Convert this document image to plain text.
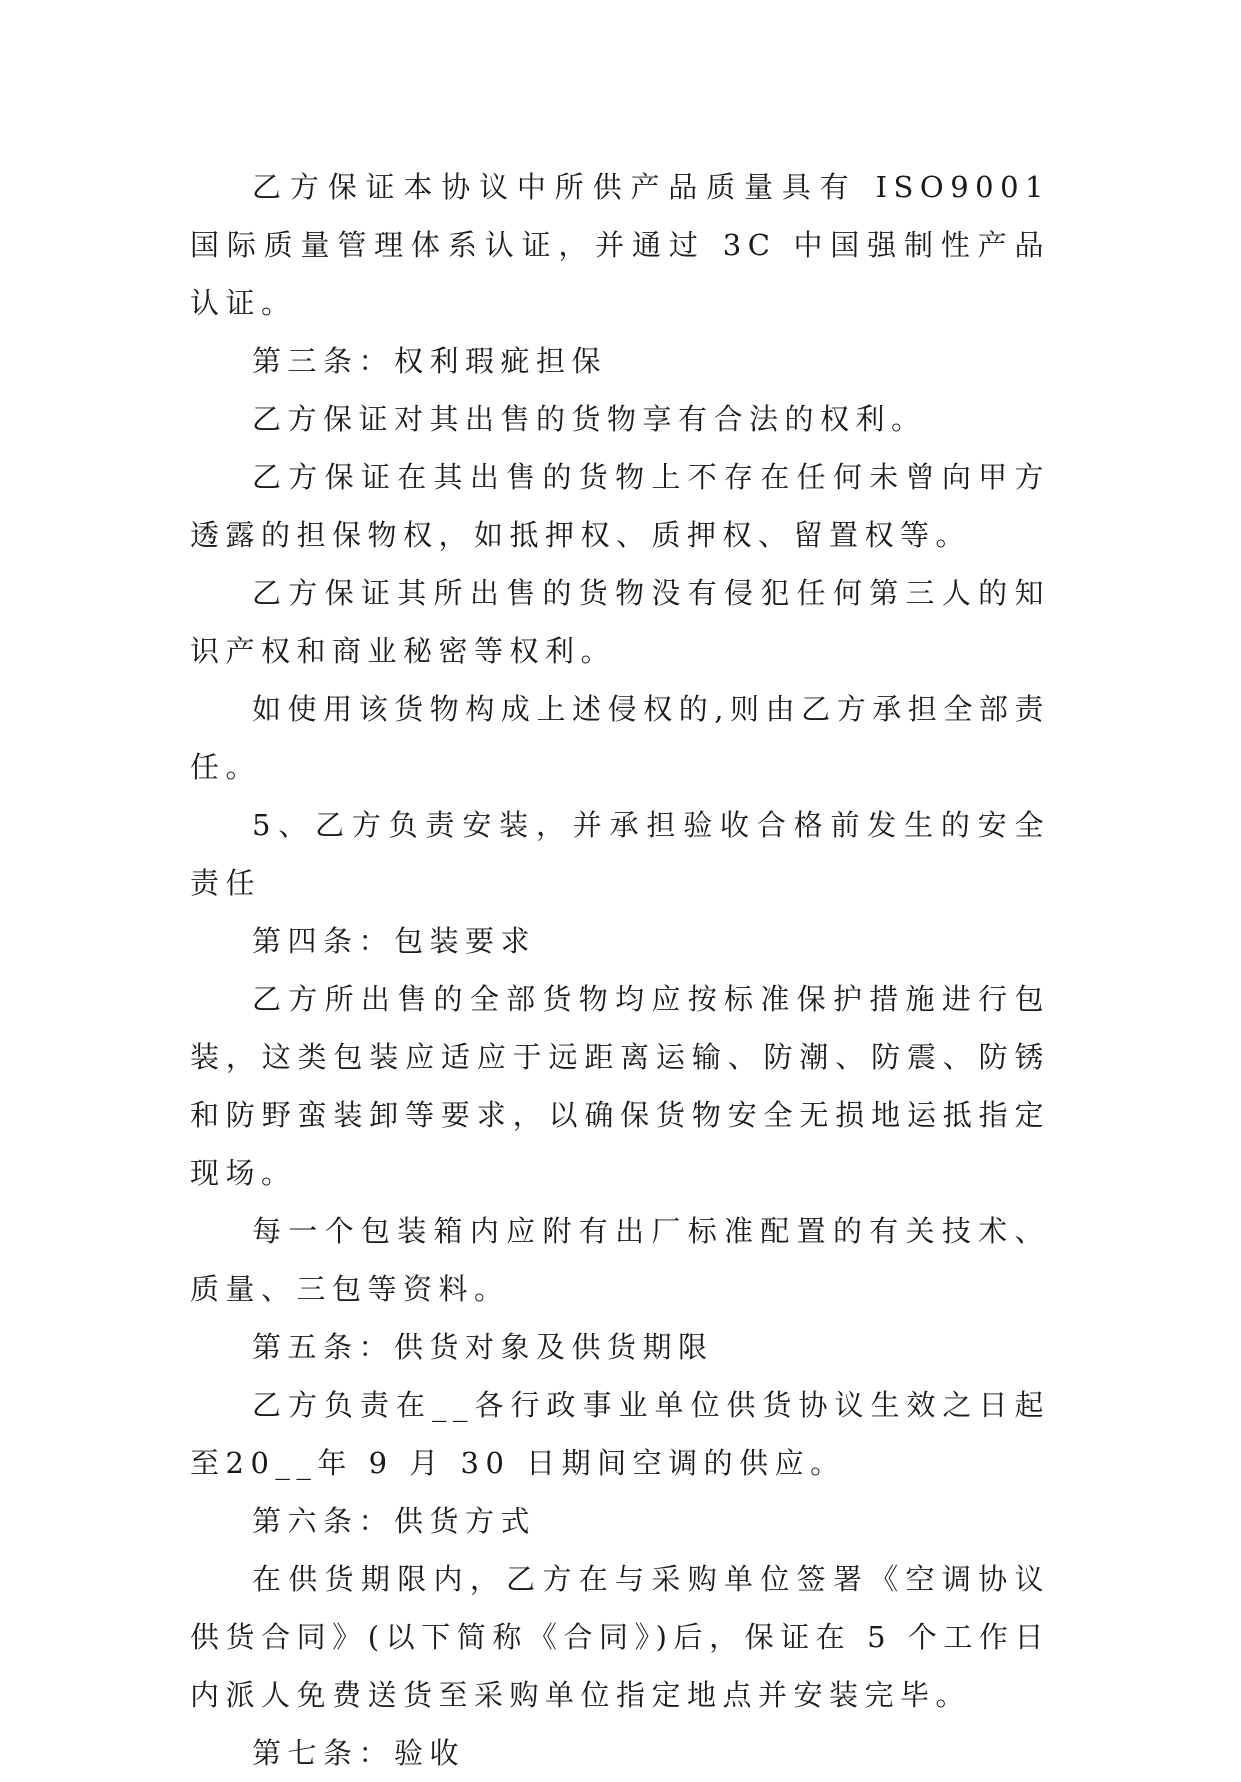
乙方保证本协议中所供产品质量具有 ISO9001 国际质量管理体系认证，并通过 3C 中国强制性产品认证。

第三条：权利瑕疵担保

乙方保证对其出售的货物享有合法的权利。

乙方保证在其出售的货物上不存在任何未曾向甲方透露的担保物权，如抵押权、质押权、留置权等。

乙方保证其所出售的货物没有侵犯任何第三人的知识产权和商业秘密等权利。

如使用该货物构成上述侵权的,则由乙方承担全部责任。

5、乙方负责安装，并承担验收合格前发生的安全责任

第四条：包装要求

乙方所出售的全部货物均应按标准保护措施进行包装，这类包装应适应于远距离运输、防潮、防震、防锈和防野蛮装卸等要求，以确保货物安全无损地运抵指定现场。

每一个包装箱内应附有出厂标准配置的有关技术、质量、三包等资料。

第五条：供货对象及供货期限

乙方负责在__各行政事业单位供货协议生效之日起至20__年 9 月 30 日期间空调的供应。

第六条：供货方式

在供货期限内，乙方在与采购单位签署《空调协议供货合同》(以下简称《合同》)后，保证在 5 个工作日内派人免费送货至采购单位指定地点并安装完毕。

第七条：验收
